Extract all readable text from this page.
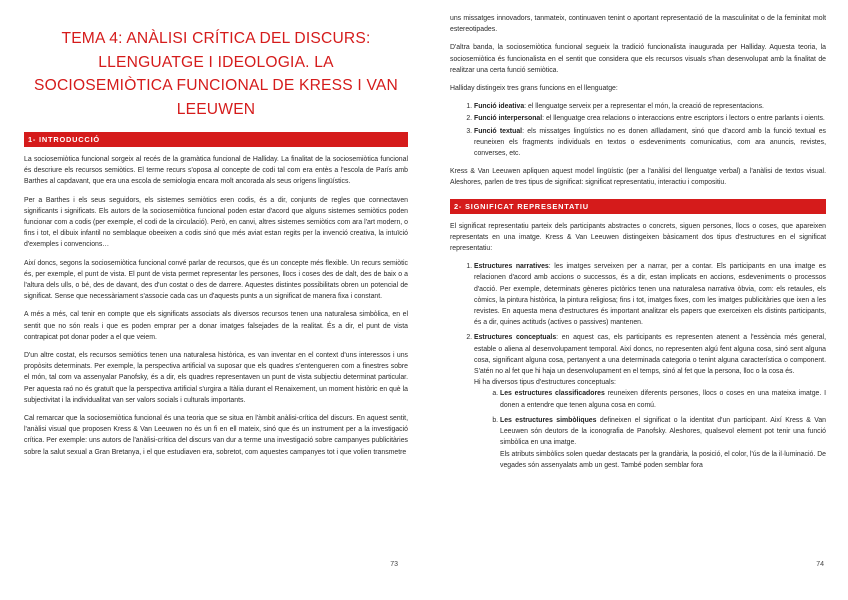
TEMA 4: ANÀLISI CRÍTICA DEL DISCURS: LLENGUATGE I IDEOLOGIA. LA SOCIOSEMIÒTICA FUNCIONAL DE KRESS I VAN LEEUWEN
1- INTRODUCCIÓ

La sociosemiòtica funcional sorgeix al recés de la gramàtica funcional de Halliday. La finalitat de la sociosemiòtica funcional és descriure els recursos semiòtics. El terme recurs s'oposa al concepte de codi tal com era entès a l'escola de París amb Barthes al capdavant, que era una escola de semiologia encara molt ancorada als seus orígens lingüístics.

Per a Barthes i els seus seguidors, els sistemes semiòtics eren codis, és a dir, conjunts de regles que connectaven significants i significats. Els autors de la sociosemiòtica funcional poden estar d'acord que alguns sistemes semiòtics poden funcionar com a codis (per exemple, el codi de la circulació). Però, en canvi, altres sistemes semiòtics com ara l'art modern, o fins i tot, el dibuix infantil no semblaque obeeixen a codis sinó que més aviat estan regits per la invenció creativa, la intuïció d'exemples i convencions…

Així doncs, segons la sociosemiòtica funcional convé parlar de recursos, que és un concepte més flexible. Un recurs semiòtic és, per exemple, el punt de vista. El punt de vista permet representar les persones, llocs i coses des de dalt, des de baix o a l'altura dels ulls, o bé, des de davant, des d'un costat o des de darrere. Aquestes distintes possibilitats obren un potencial de significat. Sense que necessàriament s'associe cada cas un d'aquests punts a un significat de manera fixa i constant.

A més a més, cal tenir en compte que els significats associats als diversos recursos tenen una naturalesa simbòlica, en el sentit que no són reals i que es poden emprar per a donar imatges falsejades de la realitat. És a dir, el punt de vista contrapicat pot donar poder a el que veiem.

D'un altre costat, els recursos semiòtics tenen una naturalesa històrica, es van inventar en el context d'uns interessos i uns propòsits determinats. Per exemple, la perspectiva artificial va suposar que els quadres s'entengueren com a finestres sobre el món, tal com va assenyalar Panofsky, és a dir, els quadres representaven un punt de vista subjectiu determinat particular. Per aquesta raó no és gratuït que la perspectiva artificial s'urgira a Itàlia durant el Renaixement, un moment històric en què la subjectivitat i la individualitat van ser valors socials i culturals importants.

Cal remarcar que la sociosemiòtica funcional és una teoria que se situa en l'àmbit anàlisi-crítica del discurs. En aquest sentit, l'anàlisi visual que proposen Kress & Van Leeuwen no és un fi en ell mateix, sinó que és un instrument per a la investigació crítica. Per exemple: uns autors de l'anàlisi-crítica del discurs van dur a terme una investigació sobre campanyes publicitàries sobre la salut sexual a Gran Bretanya, i el que estudiaven era, sobretot, com aquestes campanyes tot i que volien transmetre

73

uns missatges innovadors, tanmateix, continuaven tenint o aportant representació de la masculinitat o de la feminitat molt estereotipades.

D'altra banda, la sociosemiòtica funcional segueix la tradició funcionalista inaugurada per Halliday. Aquesta teoria, la sociosemiòtica és funcionalista en el sentit que considera que els recursos visuals s'han desenvolupat amb la finalitat de realitzar una certa funció semiòtica.

Halliday distingeix tres grans funcions en el llenguatge:

1. Funció ideativa: el llenguatge serveix per a representar el món, la creació de representacions.
2. Funció interpersonal: el llenguatge crea relacions o interaccions entre escriptors i lectors o entre parlants i oients.
3. Funció textual: els missatges lingüístics no es donen aïlladament, sinó que d'acord amb la funció textual es reuneixen els fragments individuals en textos o esdeveniments comunicatius, com ara anuncis, revistes, converses, etc.

Kress & Van Leeuwen apliquen aquest model lingüístic (per a l'anàlisi del llenguatge verbal) a l'anàlisi de textos visual. Aleshores, parlen de tres tipus de significat: significat representatiu, interactiu i compositiu.

2- SIGNIFICAT REPRESENTATIU

El significat representatiu parteix dels participants abstractes o concrets, siguen persones, llocs o coses, que apareixen representats en una imatge. Kress & Van Leeuwen distingeixen bàsicament dos tipus d'estructures en el significat representatiu:

1. Estructures narratives: les imatges serveixen per a narrar, per a contar. Els participants en una imatge es relacionen d'acord amb accions o successos, és a dir, estan implicats en accions, esdeveniments o processos d'acció. Per exemple, determinats gèneres pictòrics tenen una naturalesa narrativa òbvia, com: els retaules, els còmics, la pintura històrica, la pintura religiosa; fins i tot, imatges fixes, com les imatges publicitàries que ixen a les revistes. En aquesta mena d'estructures és important analitzar els papers que exerceixen els distints participants, és a dir, quines actituds (actives o passives) mantenen.
2. Estructures conceptuals: en aquest cas, els participants es representen atenent a l'essència més general, estable o aliena al desenvolupament temporal. Així doncs, no representen algú fent alguna cosa, sinó sent alguna cosa, significant alguna cosa, pertanyent a una determinada categoria o tenint alguna característica o component. S'atén no al fet que hi haja un desenvolupament en el temps, sinó al fet que la persona, lloc o la cosa és.
Hi ha diversos tipus d'estructures conceptuals:
a. Les estructures classificadores reuneixen diferents persones, llocs o coses en una mateixa imatge. I donen a entendre que tenen alguna cosa en comú.
b. Les estructures simbòliques defineixen el significat o la identitat d'un participant. Així Kress & Van Leeuwen són deutors de la iconografia de Panofsky. Aleshores, qualsevol element pot tenir una funció simbòlica en una imatge.
Els atributs simbòlics solen quedar destacats per la grandària, la posició, el color, l'ús de la il·luminació. De vegades són assenyalats amb un gest. També poden semblar fora
74
